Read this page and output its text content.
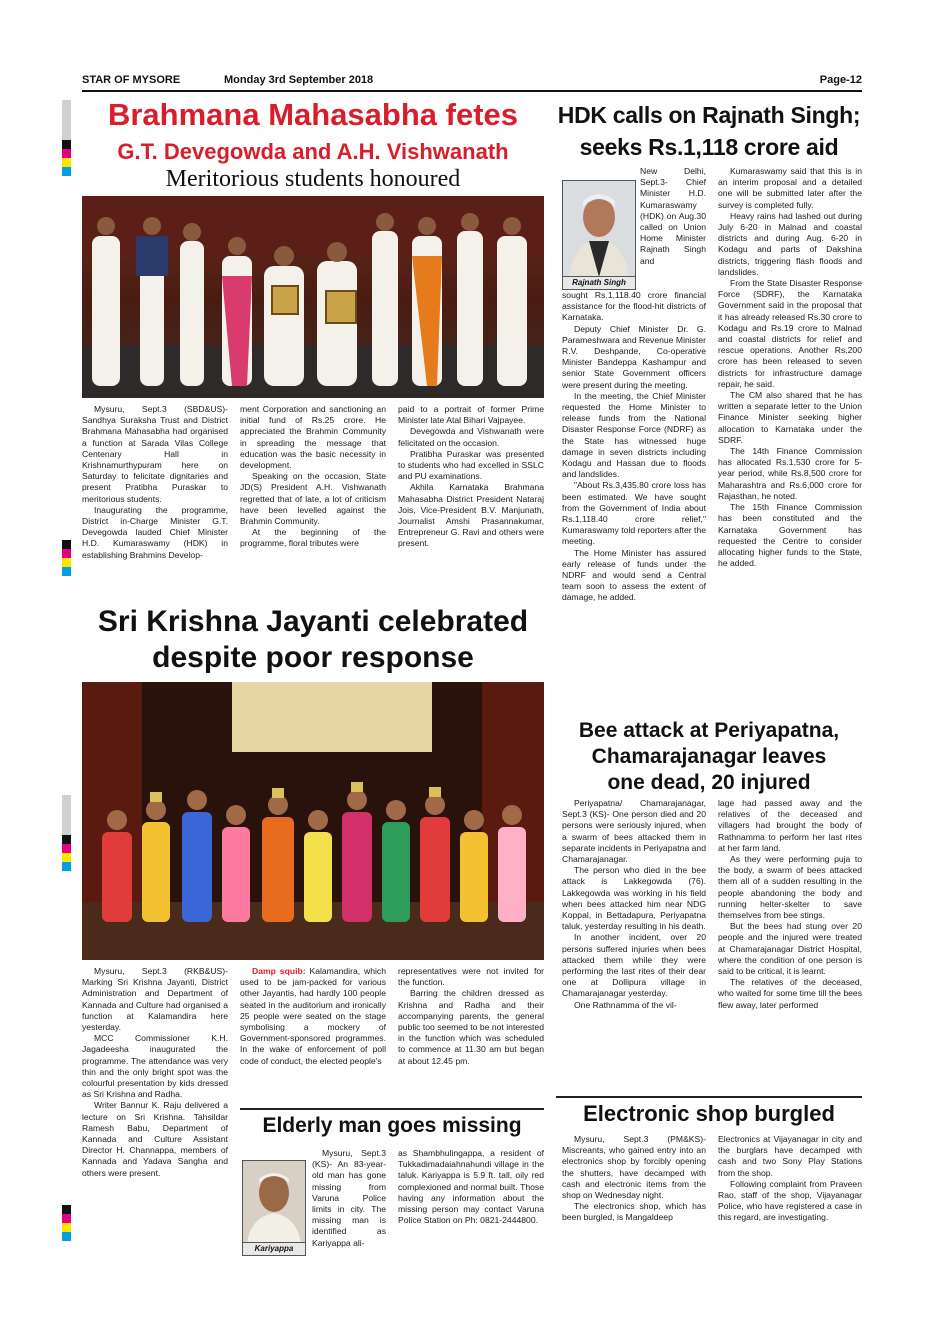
STAR OF MYSORE	Monday 3rd September 2018	Page-12
Brahmana Mahasabha fetes
G.T. Devegowda and A.H. Vishwanath
Meritorious students honoured

Mysuru, Sept.3 (SBD&US)- Sandhya Suraksha Trust and District Brahmana Mahasabha had organised a function at Sarada Vilas College Centenary Hall in Krishnamurthypuram here on Saturday to felicitate dignitaries and present Pratibha Puraskar to meritorious students.

Inaugurating the programme, District in-Charge Minister G.T. Devegowda lauded Chief Minister H.D. Kumaraswamy (HDK) in establishing Brahmins Develop-

ment Corporation and sanctioning an initial fund of Rs.25 crore. He appreciated the Brahmin Community in spreading the message that education was the basic necessity in development.

Speaking on the occasion, State JD(S) President A.H. Vishwanath regretted that of late, a lot of criticism have been levelled against the Brahmin Community.

At the beginning of the programme, floral tributes were

paid to a portrait of former Prime Minister late Atal Bihari Vajpayee.

Devegowda and Vishwanath were felicitated on the occasion.

Pratibha Puraskar was presented to students who had excelled in SSLC and PU examinations.

Akhila Karnataka Brahmana Mahasabha District President Nataraj Jois, Vice-President B.V. Manjunath, Journalist Amshi Prasannakumar, Entrepreneur G. Ravi and others were present.

HDK calls on Rajnath Singh;
seeks Rs.1,118 crore aid
Rajnath Singh

New Delhi, Sept.3- Chief Minister H.D. Kumaraswamy (HDK) on Aug.30 called on Union Home Minister Rajnath Singh and

sought Rs.1,118.40 crore financial assistance for the flood-hit districts of Karnataka.

Deputy Chief Minister Dr. G. Parameshwara and Revenue Minister R.V. Deshpande, Co-operative Minister Bandeppa Kashampur and senior State Government officers were present during the meeting.

In the meeting, the Chief Minister requested the Home Minister to release funds from the National Disaster Response Force (NDRF) as the State has witnessed huge damage in seven districts including Kodagu and Hassan due to floods and landslides.

"About Rs.3,435.80 crore loss has been estimated. We have sought from the Government of India about Rs.1,118.40 crore relief," Kumaraswamy told reporters after the meeting.

The Home Minister has assured early release of funds under the NDRF and would send a Central team soon to assess the extent of damage, he added.

Kumaraswamy said that this is in an interim proposal and a detailed one will be submitted later after the survey is completed fully.

Heavy rains had lashed out during July 6-20 in Malnad and coastal districts and during Aug. 6-20 in Kodagu and parts of Dakshina districts, triggering flash floods and landslides.

From the State Disaster Response Force (SDRF), the Karnataka Government said in the proposal that it has already released Rs.30 crore to Kodagu and Rs.19 crore to Malnad and coastal districts for relief and rescue operations. Another Rs.200 crore has been released to seven districts for infrastructure damage repair, he said.

The CM also shared that he has written a separate letter to the Union Finance Minister seeking higher allocation to Karnataka under the SDRF.

The 14th Finance Commission has allocated Rs.1,530 crore for 5-year period, while Rs.8,500 crore for Maharashtra and Rs.6,000 crore for Rajasthan, he noted.

The 15th Finance Commission has been constituted and the Karnataka Government has requested the Centre to consider allocating higher funds to the State, he added.

Sri Krishna Jayanti celebrated
despite poor response

Mysuru, Sept.3 (RKB&US)- Marking Sri Krishna Jayanti, District Administration and Department of Kannada and Culture had organised a function at Kalamandira here yesterday.

MCC Commissioner K.H. Jagadeesha inaugurated the programme. The attendance was very thin and the only bright spot was the colourful presentation by kids dressed as Sri Krishna and Radha.

Writer Bannur K. Raju delivered a lecture on Sri Krishna. Tahsildar Ramesh Babu, Department of Kannada and Culture Assistant Director H. Channappa, members of Kannada and Yadava Sangha and others were present.

Damp squib: Kalamandira, which used to be jam-packed for various other Jayantis, had hardly 100 people seated in the auditorium and ironically 25 people were seated on the stage symbolising a mockery of Government-sponsored programmes. In the wake of enforcement of poll code of conduct, the elected people's

representatives were not invited for the function.

Barring the children dressed as Krishna and Radha and their accompanying parents, the general public too seemed to be not interested in the function which was scheduled to commence at 11.30 am but began at about 12.45 pm.

Elderly man goes missing
Kariyappa

Mysuru, Sept.3 (KS)- An 83-year-old man has gone missing from Varuna Police limits in city. The missing man is identified as Kariyappa ali-

as Shambhulingappa, a resident of Tukkadimadaiahnahundi village in the taluk. Kariyappa is 5.9 ft. tall, oily red complexioned and normal built. Those having any information about the missing person may contact Varuna Police Station on Ph: 0821-2444800.

Bee attack at Periyapatna,
Chamarajanagar leaves
one dead, 20 injured

Periyapatna/ Chamarajanagar, Sept.3 (KS)- One person died and 20 persons were seriously injured, when a swarm of bees attacked them in separate incidents in Periyapatna and Chamarajanagar.

The person who died in the bee attack is Lakkegowda (76). Lakkegowda was working in his field when bees attacked him near NDG Koppal, in Bettadapura, Periyapatna taluk, yesterday resulting in his death.

In another incident, over 20 persons suffered injuries when bees attacked them while they were performing the last rites of their dear one at Dollipura village in Chamarajanagar yesterday.

One Rathnamma of the vil-

lage had passed away and the relatives of the deceased and villagers had brought the body of Rathnamma to perform her last rites at her farm land.

As they were performing puja to the body, a swarm of bees attacked them all of a sudden resulting in the people abandoning the body and running helter-skelter to save themselves from bee stings.

But the bees had stung over 20 people and the injured were treated at Chamarajanagar District Hospital, where the condition of one person is said to be critical, it is learnt.

The relatives of the deceased, who waited for some time till the bees flew away, later performed

Electronic shop burgled

Mysuru, Sept.3 (PM&KS)- Miscreants, who gained entry into an electronics shop by forcibly opening the shutters, have decamped with cash and electronic items from the shop on Wednesday night.

The electronics shop, which has been burgled, is Mangaldeep

Electronics at Vijayanagar in city and the burglars have decamped with cash and two Sony Play Stations from the shop.

Following complaint from Praveen Rao, staff of the shop, Vijayanagar Police, who have registered a case in this regard, are investigating.
